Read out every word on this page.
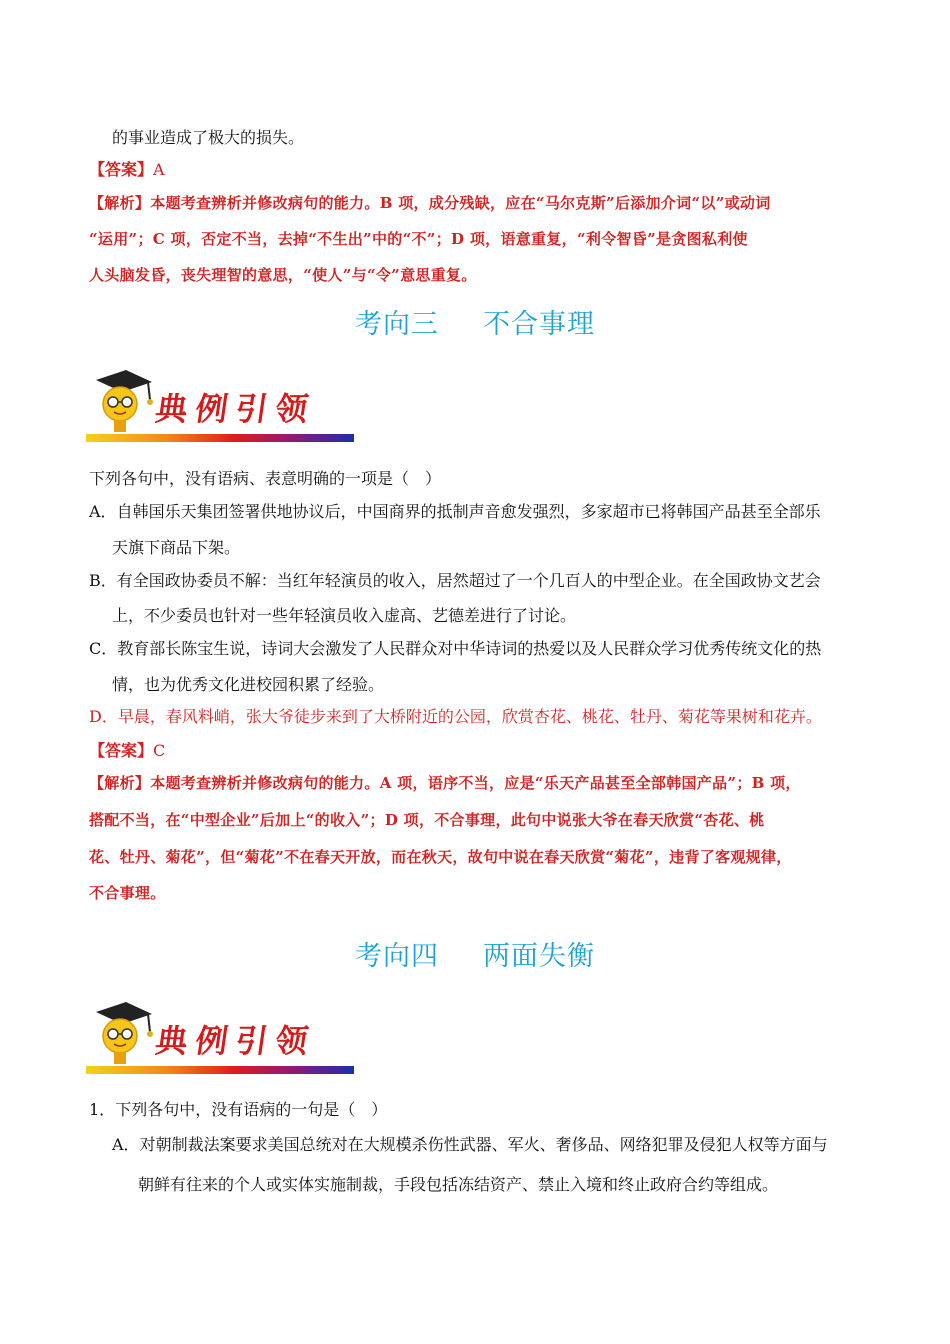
的事业造成了极大的损失。
【答案】A
【解析】本题考查辨析并修改病句的能力。B 项，成分残缺，应在“马尔克斯”后添加介词“以”或动词
“运用”；C 项，否定不当，去掉“不生出”中的“不”；D 项，语意重复，“利令智昏”是贪图私利使
人头脑发昏，丧失理智的意思，“使人”与“令”意思重复。
考向三 不合事理
典例引领
下列各句中，没有语病、表意明确的一项是（　）
A．自韩国乐天集团签署供地协议后，中国商界的抵制声音愈发强烈，多家超市已将韩国产品甚至全部乐
天旗下商品下架。
B．有全国政协委员不解：当红年轻演员的收入，居然超过了一个几百人的中型企业。在全国政协文艺会
上，不少委员也针对一些年轻演员收入虚高、艺德差进行了讨论。
C．教育部长陈宝生说，诗词大会激发了人民群众对中华诗词的热爱以及人民群众学习优秀传统文化的热
情，也为优秀文化进校园积累了经验。
D．早晨，春风料峭，张大爷徒步来到了大桥附近的公园，欣赏杏花、桃花、牡丹、菊花等果树和花卉。
【答案】C
【解析】本题考查辨析并修改病句的能力。A 项，语序不当，应是“乐天产品甚至全部韩国产品”；B 项，
搭配不当，在“中型企业”后加上“的收入”；D 项，不合事理，此句中说张大爷在春天欣赏“杏花、桃
花、牡丹、菊花”，但“菊花”不在春天开放，而在秋天，故句中说在春天欣赏“菊花”，违背了客观规律，
不合事理。
考向四 两面失衡
典例引领
1．下列各句中，没有语病的一句是（　）
A．对朝制裁法案要求美国总统对在大规模杀伤性武器、军火、奢侈品、网络犯罪及侵犯人权等方面与
朝鲜有往来的个人或实体实施制裁，手段包括冻结资产、禁止入境和终止政府合约等组成。
